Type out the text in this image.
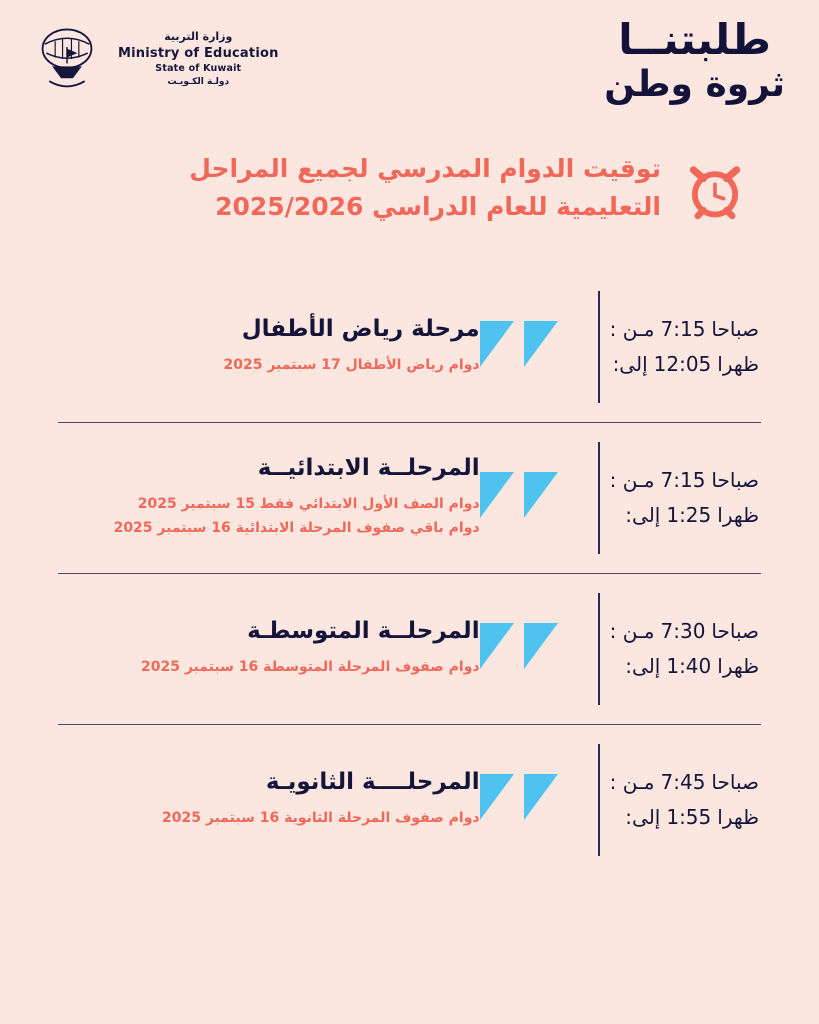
طلبتنــا
ثروة وطن
وزارة التربية
Ministry of Education
State of Kuwait
دولـة الكـويـت
توقيت الدوام المدرسي لجميع المراحل التعليمية للعام الدراسي 2025/2026
مرحلة رياض الأطفال
دوام رياض الأطفال 17 سبتمبر 2025
صباحا
7:15
مـن :
ظهرا
12:05
إلى:
المرحلــة الابتدائيــة
دوام الصف الأول الابتدائي فقط 15 سبتمبر 2025
دوام باقي صفوف المرحلة الابتدائية 16 سبتمبر 2025
صباحا
7:15
مـن :
ظهرا
1:25
إلى:
المرحلــة المتوسطـة
دوام صفوف المرحلة المتوسطة 16 سبتمبر 2025
صباحا
7:30
مـن :
ظهرا
1:40
إلى:
المرحلــــة الثانويـة
دوام صفوف المرحلة الثانوية 16 سبتمبر 2025
صباحا
7:45
مـن :
ظهرا
1:55
إلى:
